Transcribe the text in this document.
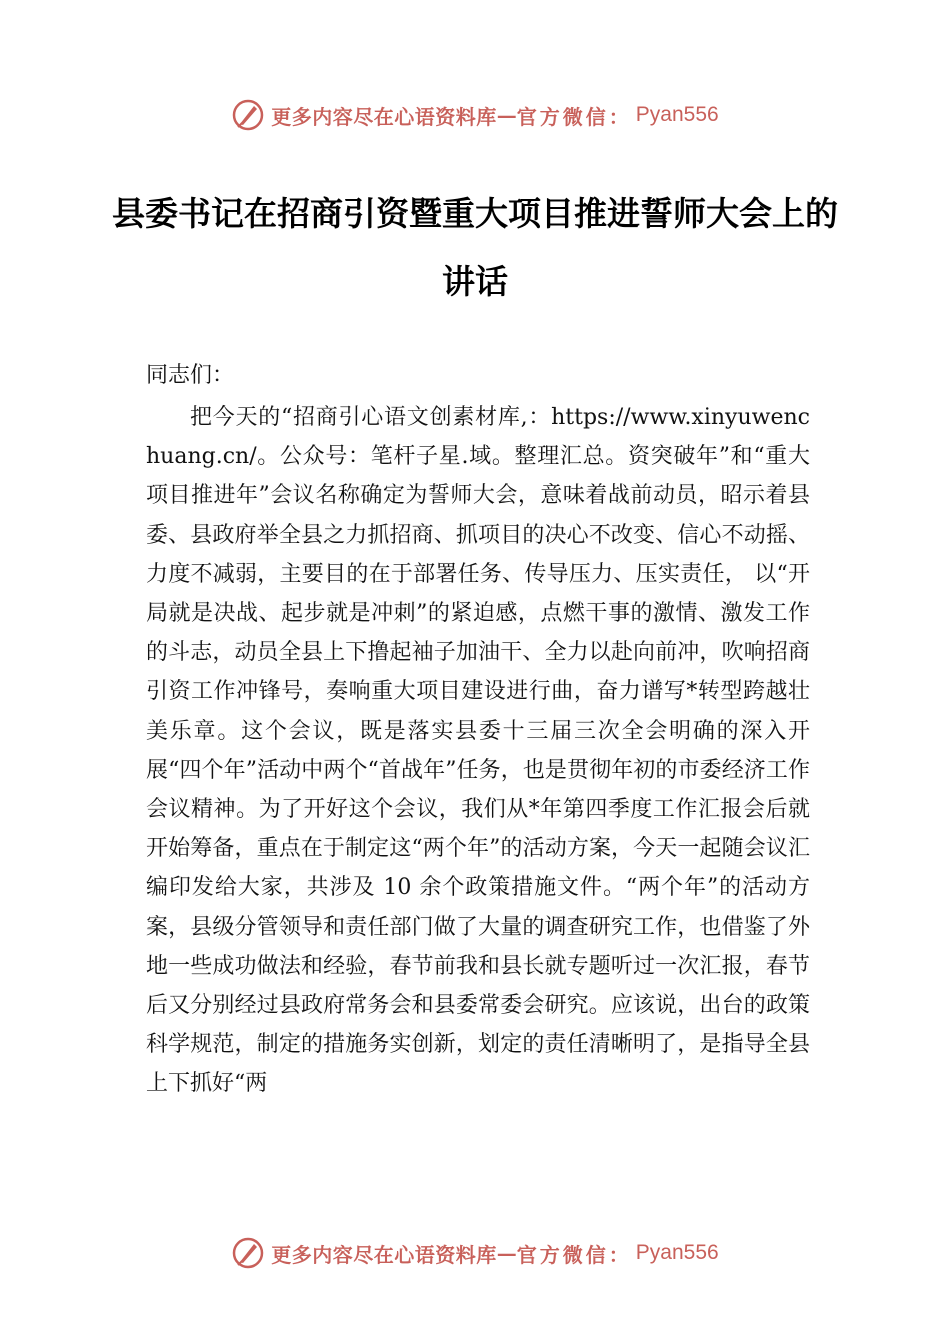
更多内容尽在心语资料库 — 官方微信： Pyan556
县委书记在招商引资暨重大项目推进誓师大会上的讲话
同志们：
把今天的“招商引心语文创素材库,：https://www.xinyuwenchuang.cn/。公众号：笔杆子星.域。整理汇总。资突破年”和“重大项目推进年”会议名称确定为誓师大会，意味着战前动员，昭示着县委、县政府举全县之力抓招商、抓项目的决心不改变、信心不动摇、力度不减弱，主要目的在于部署任务、传导压力、压实责任， 以“开局就是决战、起步就是冲刺”的紧迫感，点燃干事的激情、激发工作的斗志，动员全县上下撸起袖子加油干、全力以赴向前冲，吹响招商引资工作冲锋号，奏响重大项目建设进行曲，奋力谱写*转型跨越壮美乐章。这个会议，既是落实县委十三届三次全会明确的深入开展“四个年”活动中两个“首战年”任务，也是贯彻年初的市委经济工作会议精神。为了开好这个会议，我们从*年第四季度工作汇报会后就开始筹备，重点在于制定这“两个年”的活动方案，今天一起随会议汇编印发给大家，共涉及 10 余个政策措施文件。“两个年”的活动方案，县级分管领导和责任部门做了大量的调查研究工作，也借鉴了外地一些成功做法和经验，春节前我和县长就专题听过一次汇报，春节后又分别经过县政府常务会和县委常委会研究。应该说，出台的政策科学规范，制定的措施务实创新，划定的责任清晰明了，是指导全县上下抓好“两
更多内容尽在心语资料库 — 官方微信： Pyan556
